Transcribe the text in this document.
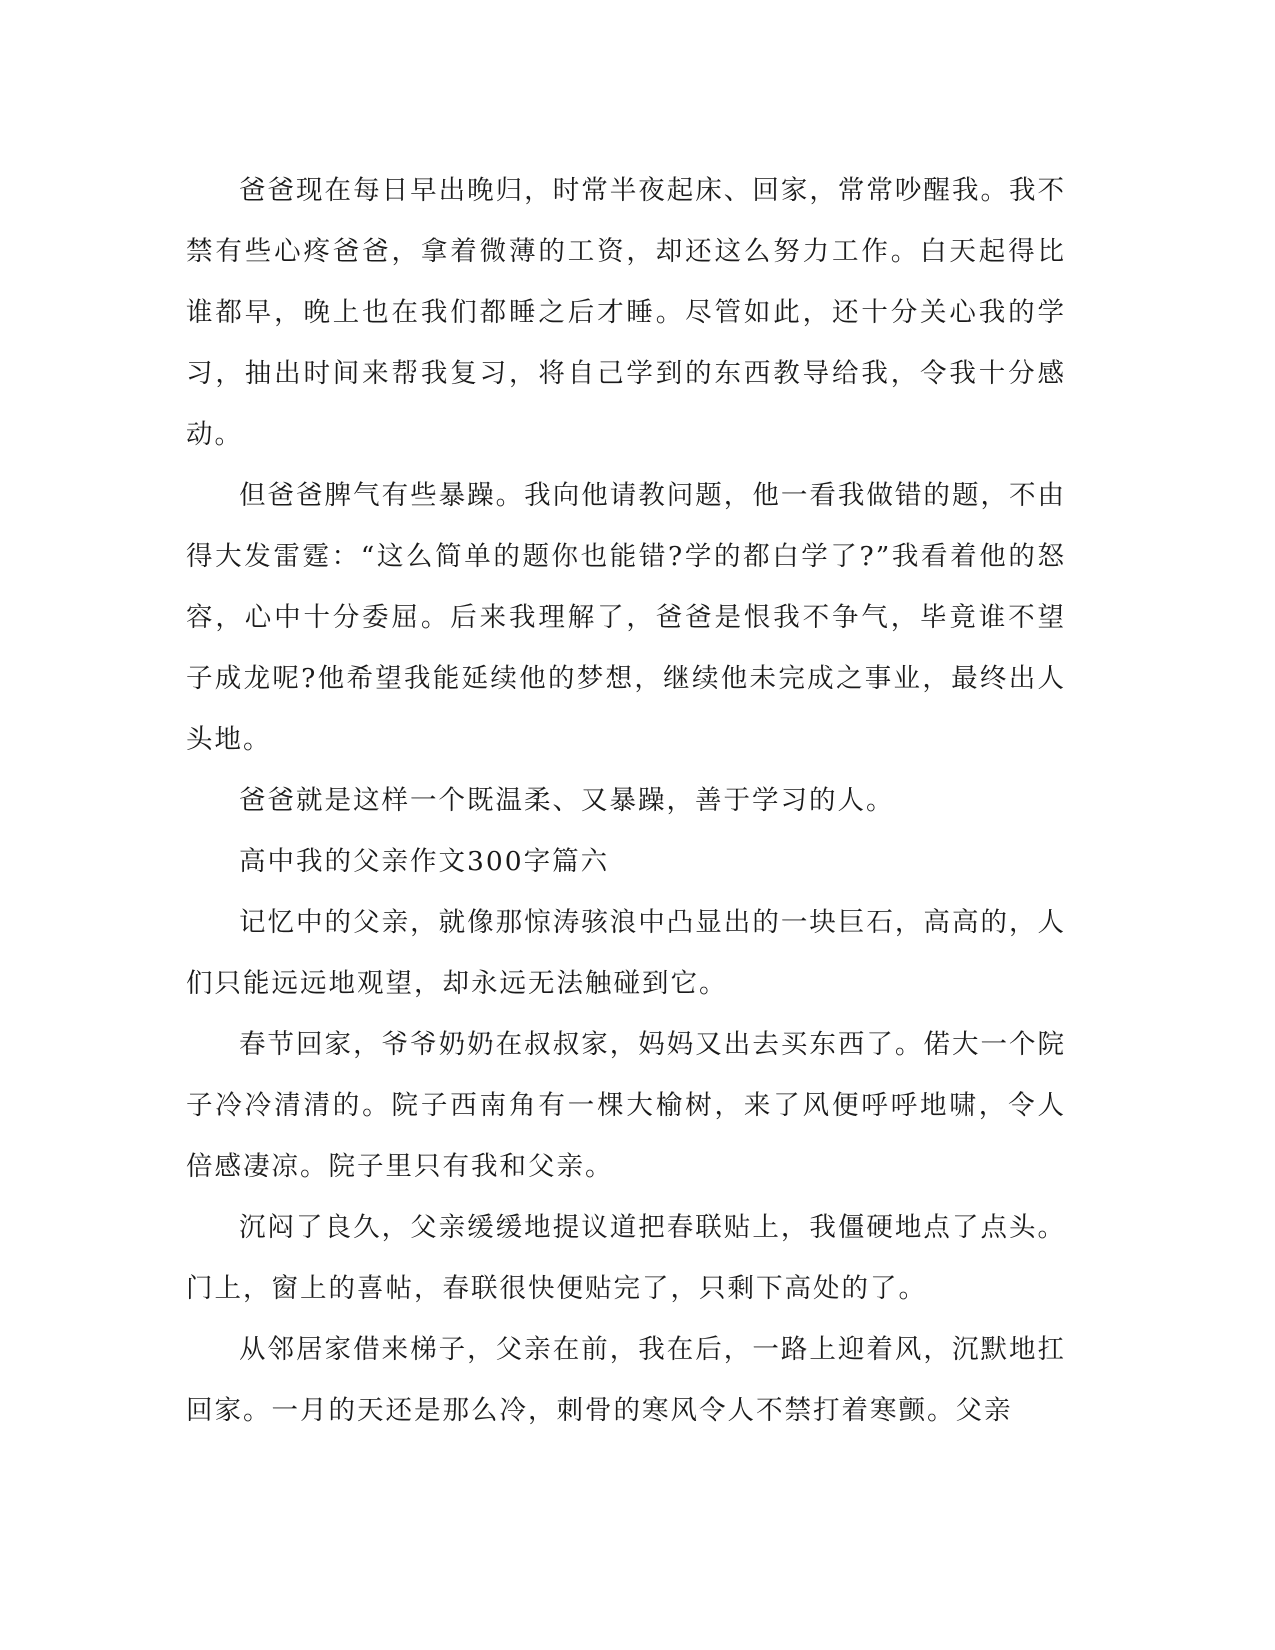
爸爸现在每日早出晚归，时常半夜起床、回家，常常吵醒我。我不禁有些心疼爸爸，拿着微薄的工资，却还这么努力工作。白天起得比谁都早，晚上也在我们都睡之后才睡。尽管如此，还十分关心我的学习，抽出时间来帮我复习，将自己学到的东西教导给我，令我十分感动。

但爸爸脾气有些暴躁。我向他请教问题，他一看我做错的题，不由得大发雷霆：“这么简单的题你也能错?学的都白学了?”我看着他的怒容，心中十分委屈。后来我理解了，爸爸是恨我不争气，毕竟谁不望子成龙呢?他希望我能延续他的梦想，继续他未完成之事业，最终出人头地。

爸爸就是这样一个既温柔、又暴躁，善于学习的人。

高中我的父亲作文300字篇六

记忆中的父亲，就像那惊涛骇浪中凸显出的一块巨石，高高的，人们只能远远地观望，却永远无法触碰到它。

春节回家，爷爷奶奶在叔叔家，妈妈又出去买东西了。偌大一个院子冷冷清清的。院子西南角有一棵大榆树，来了风便呼呼地啸，令人倍感凄凉。院子里只有我和父亲。

沉闷了良久，父亲缓缓地提议道把春联贴上，我僵硬地点了点头。门上，窗上的喜帖，春联很快便贴完了，只剩下高处的了。

从邻居家借来梯子，父亲在前，我在后，一路上迎着风，沉默地扛回家。一月的天还是那么冷，刺骨的寒风令人不禁打着寒颤。父亲
